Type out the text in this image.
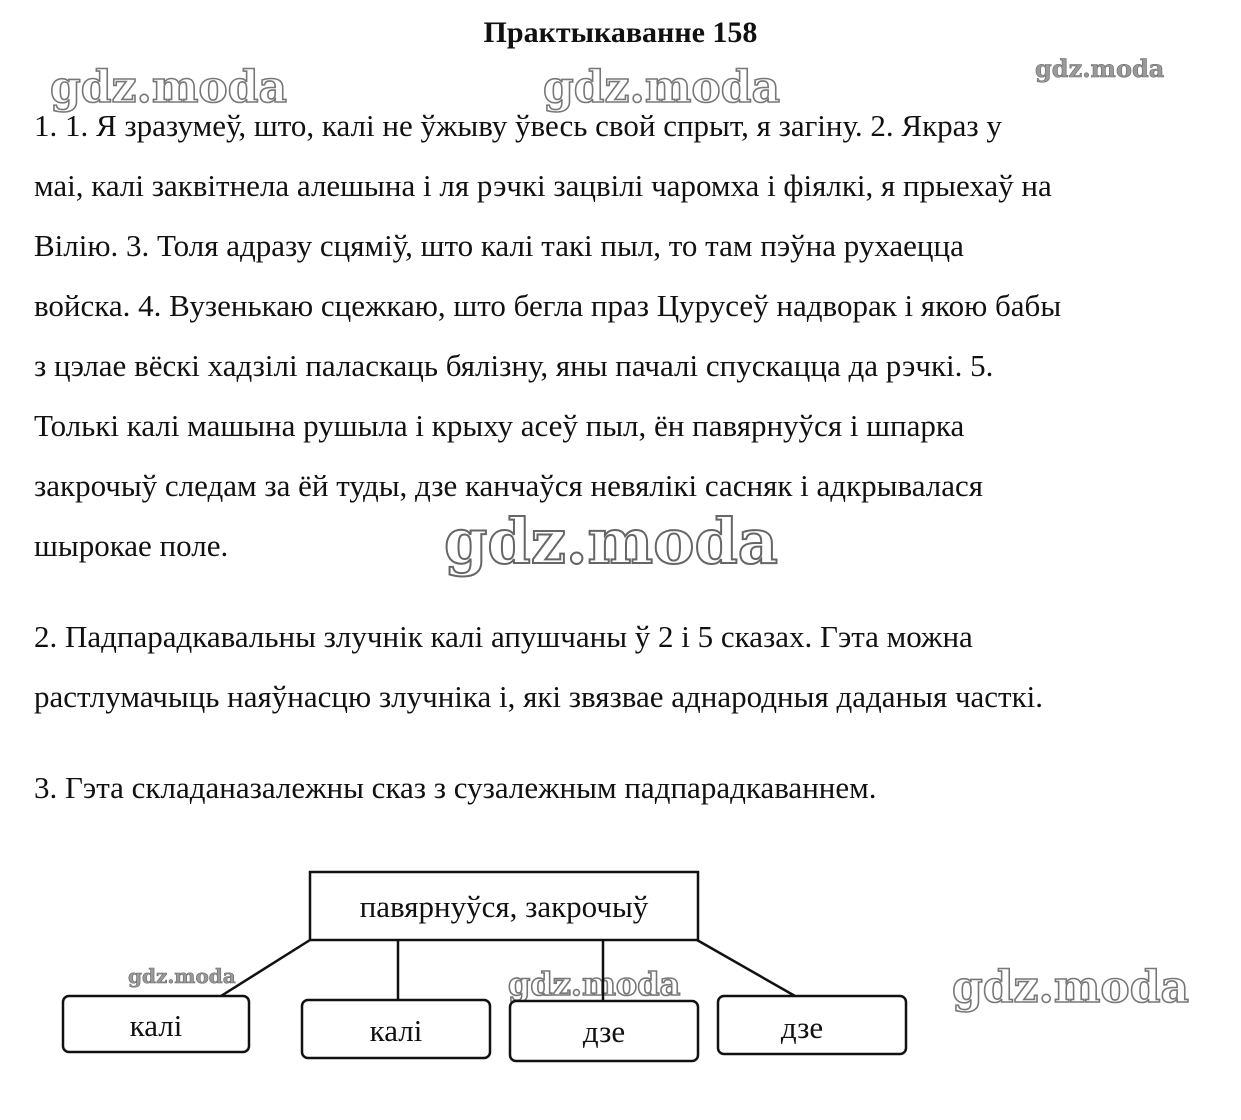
gdz.moda	gdz.moda	gdz.moda
gdz.moda
gdz.moda	gdz.moda	gdz.moda
Практыкаванне 158
1. 1. Я зразумеў, што, калі не ўжыву ўвесь свой спрыт, я загіну. 2. Якраз у
маі, калі заквітнела алешына і ля рэчкі зацвілі чаромха і фіялкі, я прыехаў на
Вілію. 3. Толя адразу сцяміў, што калі такі пыл, то там пэўна рухаецца
войска. 4. Вузенькаю сцежкаю, што бегла праз Цурусеў надворак і якою бабы
з цэлае вёскі хадзілі паласкаць бялізну, яны пачалі спускацца да рэчкі. 5.
Толькі калі машына рушыла і крыху асеў пыл, ён павярнуўся і шпарка
закрочыў следам за ёй туды, дзе канчаўся невялікі сасняк і адкрывалася
шырокае поле.
2. Падпарадкавальны злучнік калі апушчаны ў 2 і 5 сказах. Гэта можна
растлумачыць наяўнасцю злучніка і, які звязвае аднародныя даданыя часткі.
3. Гэта складаназалежны сказ з сузалежным падпарадкаваннем.
павярнуўся, закрочыў
калі	калі	дзе	дзе
